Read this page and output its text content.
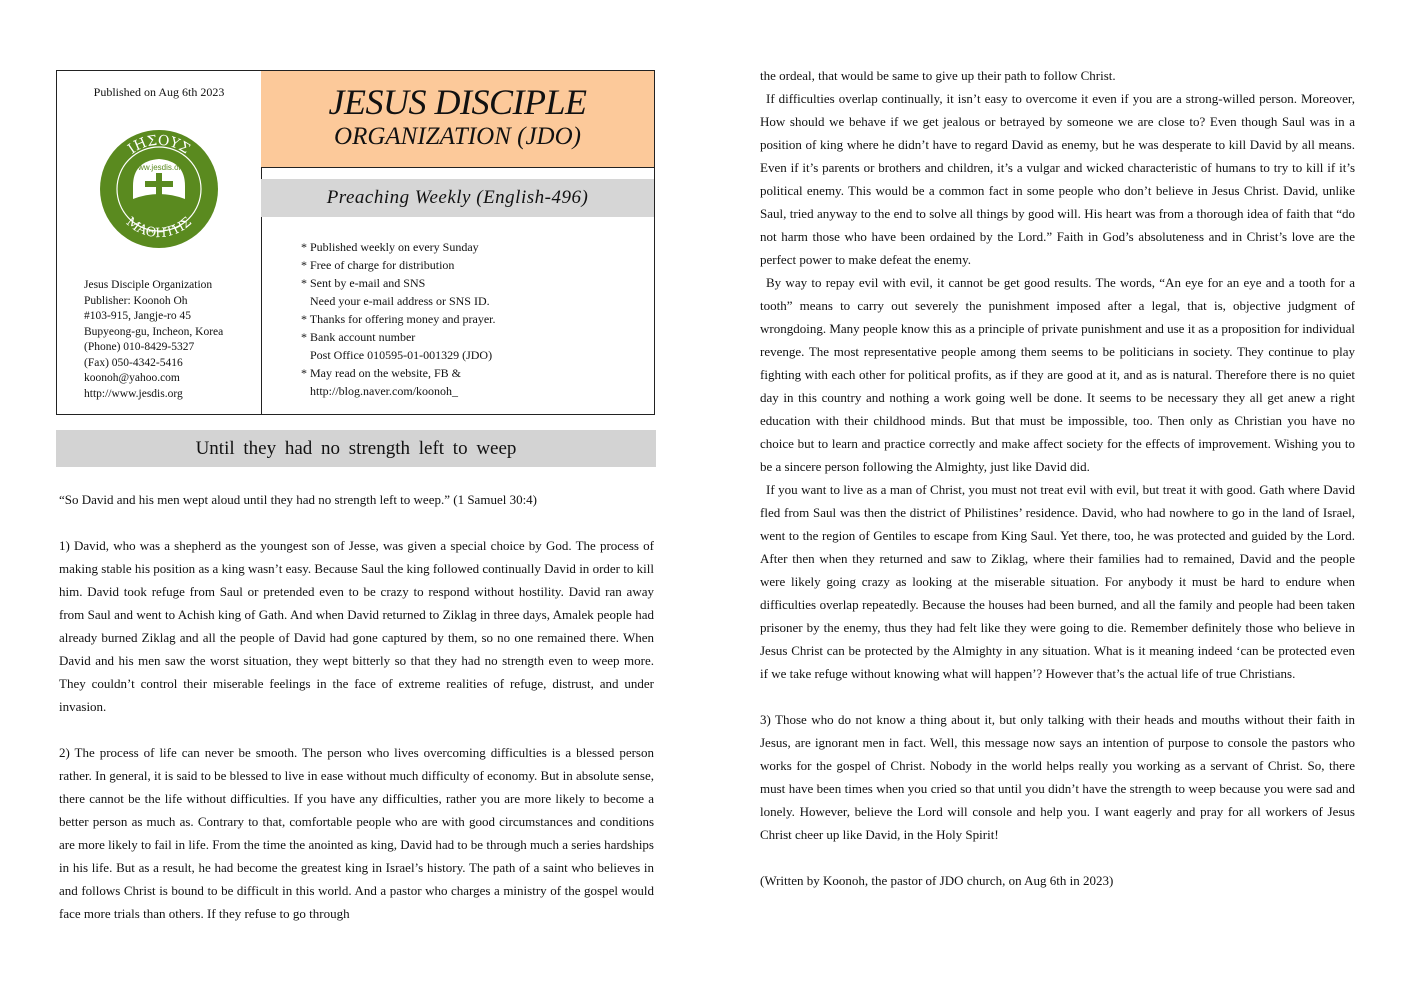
Published on Aug 6th 2023
ΙΗΣΟΥΣ
ΜΑΘΗΤΗΣ
www.jesdis.org
Jesus Disciple Organization
Publisher: Koonoh Oh
#103-915, Jangje-ro 45
Bupyeong-gu, Incheon, Korea
(Phone) 010-8429-5327
(Fax) 050-4342-5416
koonoh@yahoo.com
http://www.jesdis.org
JESUS DISCIPLE
ORGANIZATION (JDO)
Preaching Weekly (English-496)
* Published weekly on every Sunday
* Free of charge for distribution
* Sent by e-mail and SNS
Need your e-mail address or SNS ID.
* Thanks for offering money and prayer.
* Bank account number
Post Office 010595-01-001329 (JDO)
* May read on the website, FB &
http://blog.naver.com/koonoh_
Until they had no strength left to weep

“So David and his men wept aloud until they had no strength left to weep.” (1 Samuel 30:4)

1) David, who was a shepherd as the youngest son of Jesse, was given a special choice by God. The process of making stable his position as a king wasn’t easy. Because Saul the king followed continually David in order to kill him. David took refuge from Saul or pretended even to be crazy to respond without hostility. David ran away from Saul and went to Achish king of Gath. And when David returned to Ziklag in three days, Amalek people had already burned Ziklag and all the people of David had gone captured by them, so no one remained there. When David and his men saw the worst situation, they wept bitterly so that they had no strength even to weep more. They couldn’t control their miserable feelings in the face of extreme realities of refuge, distrust, and under invasion.

2) The process of life can never be smooth. The person who lives overcoming difficulties is a blessed person rather. In general, it is said to be blessed to live in ease without much difficulty of economy. But in absolute sense, there cannot be the life without difficulties. If you have any difficulties, rather you are more likely to become a better person as much as. Contrary to that, comfortable people who are with good circumstances and conditions are more likely to fail in life. From the time the anointed as king, David had to be through much a series hardships in his life. But as a result, he had become the greatest king in Israel’s history. The path of a saint who believes in and follows Christ is bound to be difficult in this world. And a pastor who charges a ministry of the gospel would face more trials than others. If they refuse to go through

the ordeal, that would be same to give up their path to follow Christ.

If difficulties overlap continually, it isn’t easy to overcome it even if you are a strong-willed person. Moreover, How should we behave if we get jealous or betrayed by someone we are close to? Even though Saul was in a position of king where he didn’t have to regard David as enemy, but he was desperate to kill David by all means. Even if it’s parents or brothers and children, it’s a vulgar and wicked characteristic of humans to try to kill if it’s political enemy. This would be a common fact in some people who don’t believe in Jesus Christ. David, unlike Saul, tried anyway to the end to solve all things by good will. His heart was from a thorough idea of faith that “do not harm those who have been ordained by the Lord.” Faith in God’s absoluteness and in Christ’s love are the perfect power to make defeat the enemy.

By way to repay evil with evil, it cannot be get good results. The words, “An eye for an eye and a tooth for a tooth” means to carry out severely the punishment imposed after a legal, that is, objective judgment of wrongdoing. Many people know this as a principle of private punishment and use it as a proposition for individual revenge. The most representative people among them seems to be politicians in society. They continue to play fighting with each other for political profits, as if they are good at it, and as is natural. Therefore there is no quiet day in this country and nothing a work going well be done. It seems to be necessary they all get anew a right education with their childhood minds. But that must be impossible, too. Then only as Christian you have no choice but to learn and practice correctly and make affect society for the effects of improvement. Wishing you to be a sincere person following the Almighty, just like David did.

If you want to live as a man of Christ, you must not treat evil with evil, but treat it with good. Gath where David fled from Saul was then the district of Philistines’ residence. David, who had nowhere to go in the land of Israel, went to the region of Gentiles to escape from King Saul. Yet there, too, he was protected and guided by the Lord. After then when they returned and saw to Ziklag, where their families had to remained, David and the people were likely going crazy as looking at the miserable situation. For anybody it must be hard to endure when difficulties overlap repeatedly. Because the houses had been burned, and all the family and people had been taken prisoner by the enemy, thus they had felt like they were going to die. Remember definitely those who believe in Jesus Christ can be protected by the Almighty in any situation. What is it meaning indeed ‘can be protected even if we take refuge without knowing what will happen’? However that’s the actual life of true Christians.

3) Those who do not know a thing about it, but only talking with their heads and mouths without their faith in Jesus, are ignorant men in fact. Well, this message now says an intention of purpose to console the pastors who works for the gospel of Christ. Nobody in the world helps really you working as a servant of Christ. So, there must have been times when you cried so that until you didn’t have the strength to weep because you were sad and lonely. However, believe the Lord will console and help you. I want eagerly and pray for all workers of Jesus Christ cheer up like David, in the Holy Spirit!

(Written by Koonoh, the pastor of JDO church, on Aug 6th in 2023)
